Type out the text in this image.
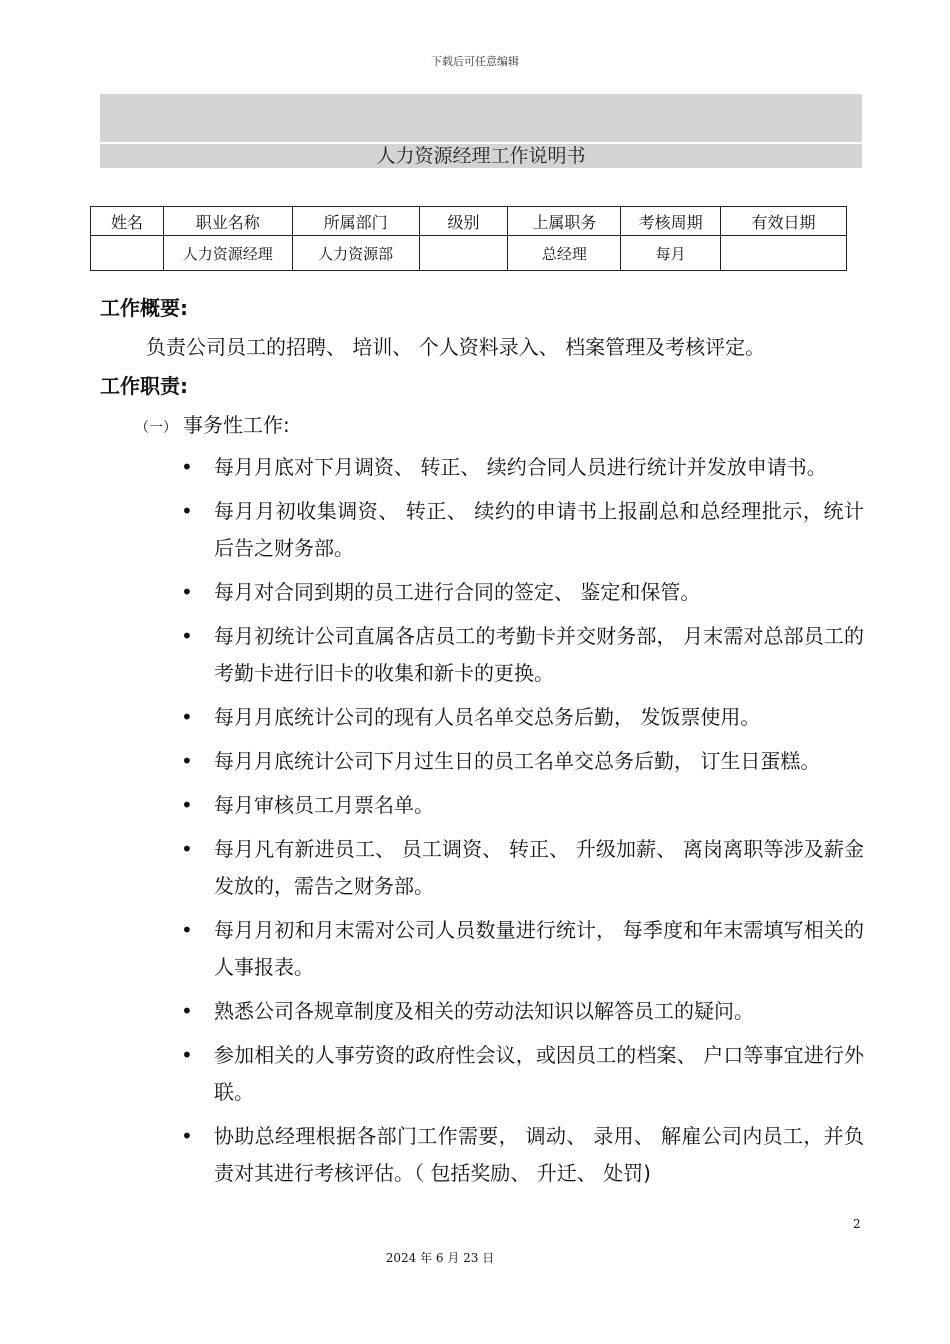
下载后可任意编辑
人力资源经理工作说明书
姓名	职业名称	所属部门	级别	上属职务	考核周期	有效日期
	人力资源经理	人力资源部		总经理	每月	
工作概要:
负责公司员工的招聘、 培训、 个人资料录入、 档案管理及考核评定。
工作职责:
（一） 事务性工作:
• 每月月底对下月调资、 转正、 续约合同人员进行统计并发放申请书。
• 每月月初收集调资、 转正、 续约的申请书上报副总和总经理批示，统计后告之财务部。
• 每月对合同到期的员工进行合同的签定、 鉴定和保管。
• 每月初统计公司直属各店员工的考勤卡并交财务部， 月末需对总部员工的考勤卡进行旧卡的收集和新卡的更换。
• 每月月底统计公司的现有人员名单交总务后勤， 发饭票使用。
• 每月月底统计公司下月过生日的员工名单交总务后勤， 订生日蛋糕。
• 每月审核员工月票名单。
• 每月凡有新进员工、 员工调资、 转正、 升级加薪、 离岗离职等涉及薪金发放的，需告之财务部。
• 每月月初和月末需对公司人员数量进行统计， 每季度和年末需填写相关的人事报表。
• 熟悉公司各规章制度及相关的劳动法知识以解答员工的疑问。
• 参加相关的人事劳资的政府性会议，或因员工的档案、 户口等事宜进行外联。
• 协助总经理根据各部门工作需要， 调动、 录用、 解雇公司内员工，并负责对其进行考核评估。（ 包括奖励、 升迁、 处罚)
2
2024 年 6 月 23 日
